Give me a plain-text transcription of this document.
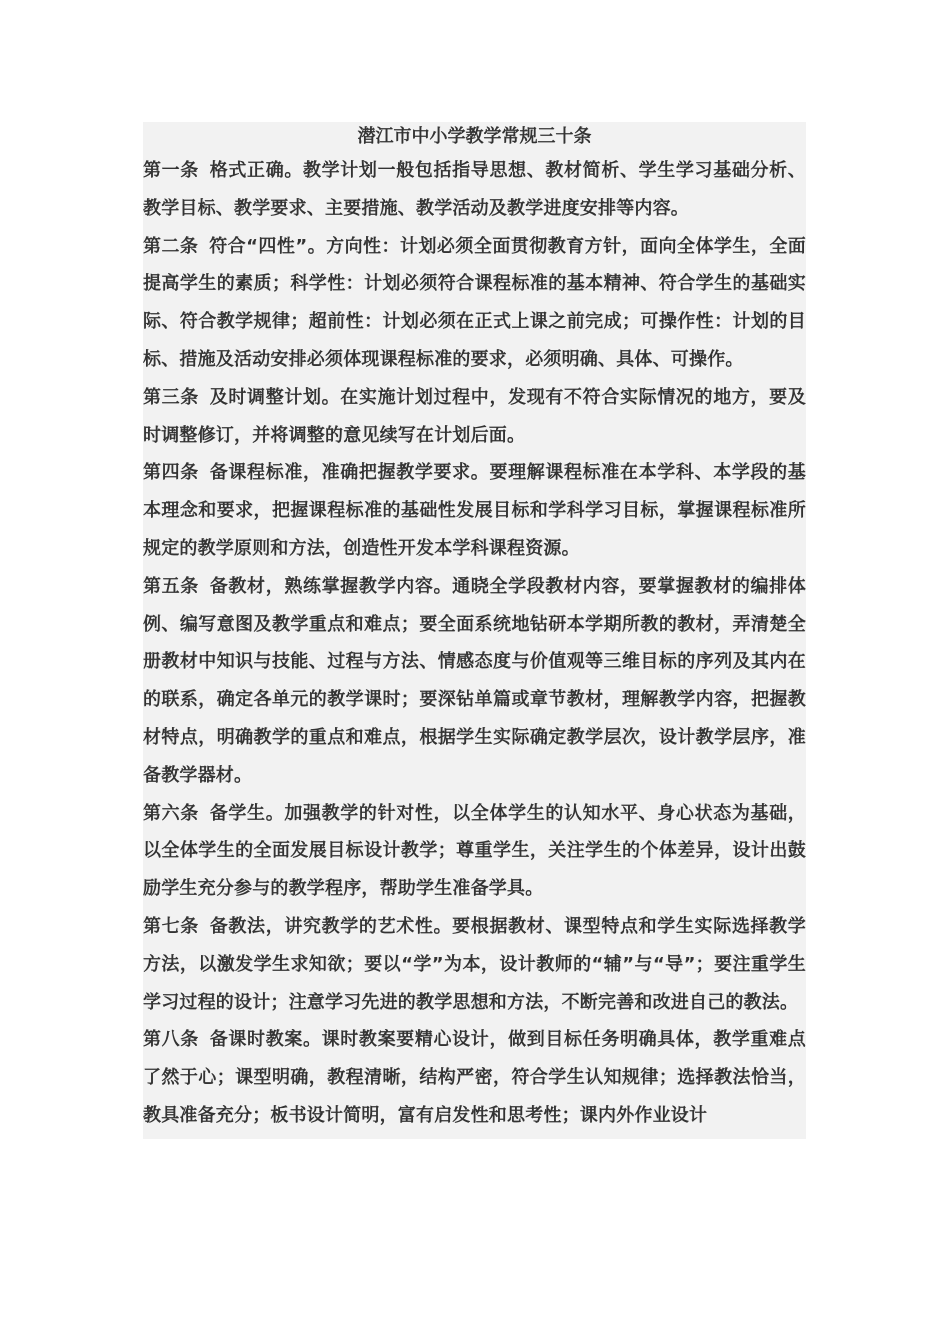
潜江市中小学教学常规三十条

第一条 格式正确。教学计划一般包括指导思想、教材简析、学生学习基础分析、教学目标、教学要求、主要措施、教学活动及教学进度安排等内容。

第二条 符合“四性”。方向性：计划必须全面贯彻教育方针，面向全体学生，全面提高学生的素质；科学性：计划必须符合课程标准的基本精神、符合学生的基础实际、符合教学规律；超前性：计划必须在正式上课之前完成；可操作性：计划的目标、措施及活动安排必须体现课程标准的要求，必须明确、具体、可操作。

第三条 及时调整计划。在实施计划过程中，发现有不符合实际情况的地方，要及时调整修订，并将调整的意见续写在计划后面。

第四条 备课程标准，准确把握教学要求。要理解课程标准在本学科、本学段的基本理念和要求，把握课程标准的基础性发展目标和学科学习目标，掌握课程标准所规定的教学原则和方法，创造性开发本学科课程资源。

第五条 备教材，熟练掌握教学内容。通晓全学段教材内容，要掌握教材的编排体例、编写意图及教学重点和难点；要全面系统地钻研本学期所教的教材，弄清楚全册教材中知识与技能、过程与方法、情感态度与价值观等三维目标的序列及其内在的联系，确定各单元的教学课时；要深钻单篇或章节教材，理解教学内容，把握教材特点，明确教学的重点和难点，根据学生实际确定教学层次，设计教学层序，准备教学器材。

第六条 备学生。加强教学的针对性，以全体学生的认知水平、身心状态为基础，以全体学生的全面发展目标设计教学；尊重学生，关注学生的个体差异，设计出鼓励学生充分参与的教学程序，帮助学生准备学具。

第七条 备教法，讲究教学的艺术性。要根据教材、课型特点和学生实际选择教学方法，以激发学生求知欲；要以“学”为本，设计教师的“辅”与“导”；要注重学生学习过程的设计；注意学习先进的教学思想和方法，不断完善和改进自己的教法。

第八条 备课时教案。课时教案要精心设计，做到目标任务明确具体，教学重难点了然于心；课型明确，教程清晰，结构严密，符合学生认知规律；选择教法恰当，教具准备充分；板书设计简明，富有启发性和思考性；课内外作业设计
